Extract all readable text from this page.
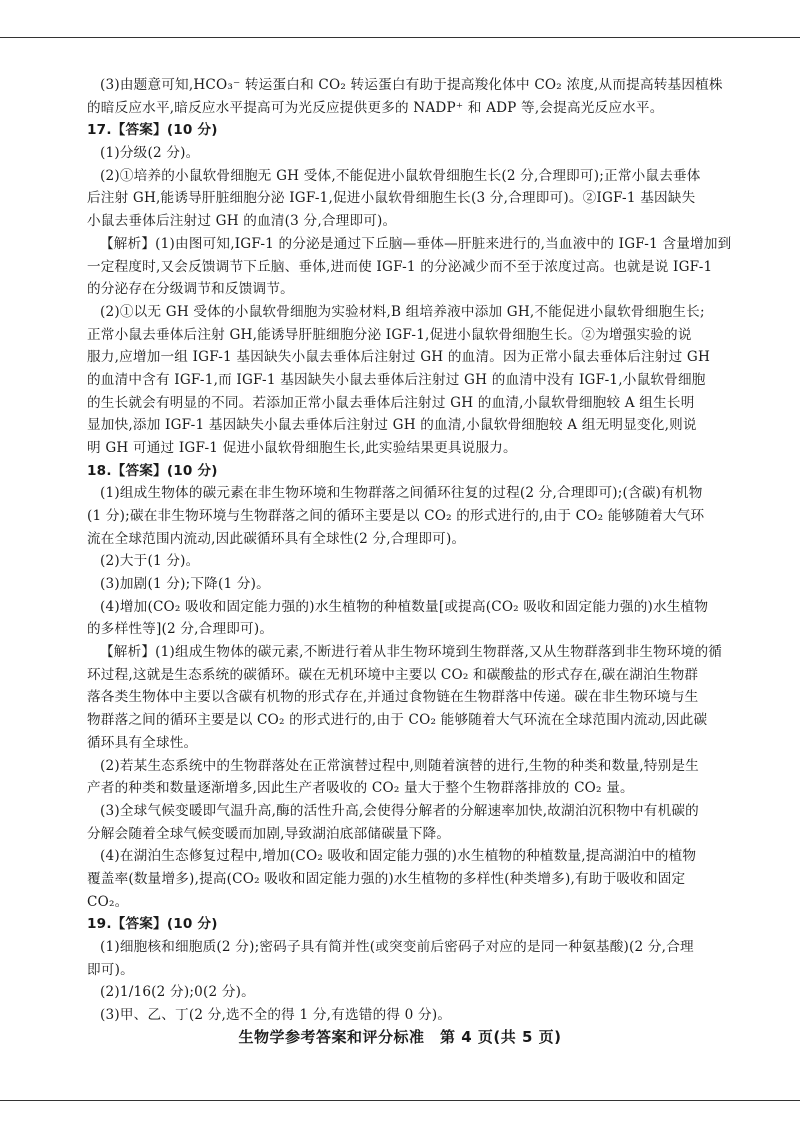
(3)由题意可知,HCO₃⁻ 转运蛋白和 CO₂ 转运蛋白有助于提高羧化体中 CO₂ 浓度,从而提高转基因植株
的暗反应水平,暗反应水平提高可为光反应提供更多的 NADP⁺ 和 ADP 等,会提高光反应水平。
17.【答案】(10 分)
(1)分级(2 分)。
(2)①培养的小鼠软骨细胞无 GH 受体,不能促进小鼠软骨细胞生长(2 分,合理即可);正常小鼠去垂体
后注射 GH,能诱导肝脏细胞分泌 IGF-1,促进小鼠软骨细胞生长(3 分,合理即可)。②IGF-1 基因缺失
小鼠去垂体后注射过 GH 的血清(3 分,合理即可)。
【解析】(1)由图可知,IGF-1 的分泌是通过下丘脑—垂体—肝脏来进行的,当血液中的 IGF-1 含量增加到
一定程度时,又会反馈调节下丘脑、垂体,进而使 IGF-1 的分泌减少而不至于浓度过高。也就是说 IGF-1
的分泌存在分级调节和反馈调节。
(2)①以无 GH 受体的小鼠软骨细胞为实验材料,B 组培养液中添加 GH,不能促进小鼠软骨细胞生长;
正常小鼠去垂体后注射 GH,能诱导肝脏细胞分泌 IGF-1,促进小鼠软骨细胞生长。②为增强实验的说
服力,应增加一组 IGF-1 基因缺失小鼠去垂体后注射过 GH 的血清。因为正常小鼠去垂体后注射过 GH
的血清中含有 IGF-1,而 IGF-1 基因缺失小鼠去垂体后注射过 GH 的血清中没有 IGF-1,小鼠软骨细胞
的生长就会有明显的不同。若添加正常小鼠去垂体后注射过 GH 的血清,小鼠软骨细胞较 A 组生长明
显加快,添加 IGF-1 基因缺失小鼠去垂体后注射过 GH 的血清,小鼠软骨细胞较 A 组无明显变化,则说
明 GH 可通过 IGF-1 促进小鼠软骨细胞生长,此实验结果更具说服力。
18.【答案】(10 分)
(1)组成生物体的碳元素在非生物环境和生物群落之间循环往复的过程(2 分,合理即可);(含碳)有机物
(1 分);碳在非生物环境与生物群落之间的循环主要是以 CO₂ 的形式进行的,由于 CO₂ 能够随着大气环
流在全球范围内流动,因此碳循环具有全球性(2 分,合理即可)。
(2)大于(1 分)。
(3)加剧(1 分);下降(1 分)。
(4)增加(CO₂ 吸收和固定能力强的)水生植物的种植数量[或提高(CO₂ 吸收和固定能力强的)水生植物
的多样性等](2 分,合理即可)。
【解析】(1)组成生物体的碳元素,不断进行着从非生物环境到生物群落,又从生物群落到非生物环境的循
环过程,这就是生态系统的碳循环。碳在无机环境中主要以 CO₂ 和碳酸盐的形式存在,碳在湖泊生物群
落各类生物体中主要以含碳有机物的形式存在,并通过食物链在生物群落中传递。碳在非生物环境与生
物群落之间的循环主要是以 CO₂ 的形式进行的,由于 CO₂ 能够随着大气环流在全球范围内流动,因此碳
循环具有全球性。
(2)若某生态系统中的生物群落处在正常演替过程中,则随着演替的进行,生物的种类和数量,特别是生
产者的种类和数量逐渐增多,因此生产者吸收的 CO₂ 量大于整个生物群落排放的 CO₂ 量。
(3)全球气候变暖即气温升高,酶的活性升高,会使得分解者的分解速率加快,故湖泊沉积物中有机碳的
分解会随着全球气候变暖而加剧,导致湖泊底部储碳量下降。
(4)在湖泊生态修复过程中,增加(CO₂ 吸收和固定能力强的)水生植物的种植数量,提高湖泊中的植物
覆盖率(数量增多),提高(CO₂ 吸收和固定能力强的)水生植物的多样性(种类增多),有助于吸收和固定
CO₂。
19.【答案】(10 分)
(1)细胞核和细胞质(2 分);密码子具有简并性(或突变前后密码子对应的是同一种氨基酸)(2 分,合理
即可)。
(2)1/16(2 分);0(2 分)。
(3)甲、乙、丁(2 分,选不全的得 1 分,有选错的得 0 分)。
生物学参考答案和评分标准　第 4 页(共 5 页)
